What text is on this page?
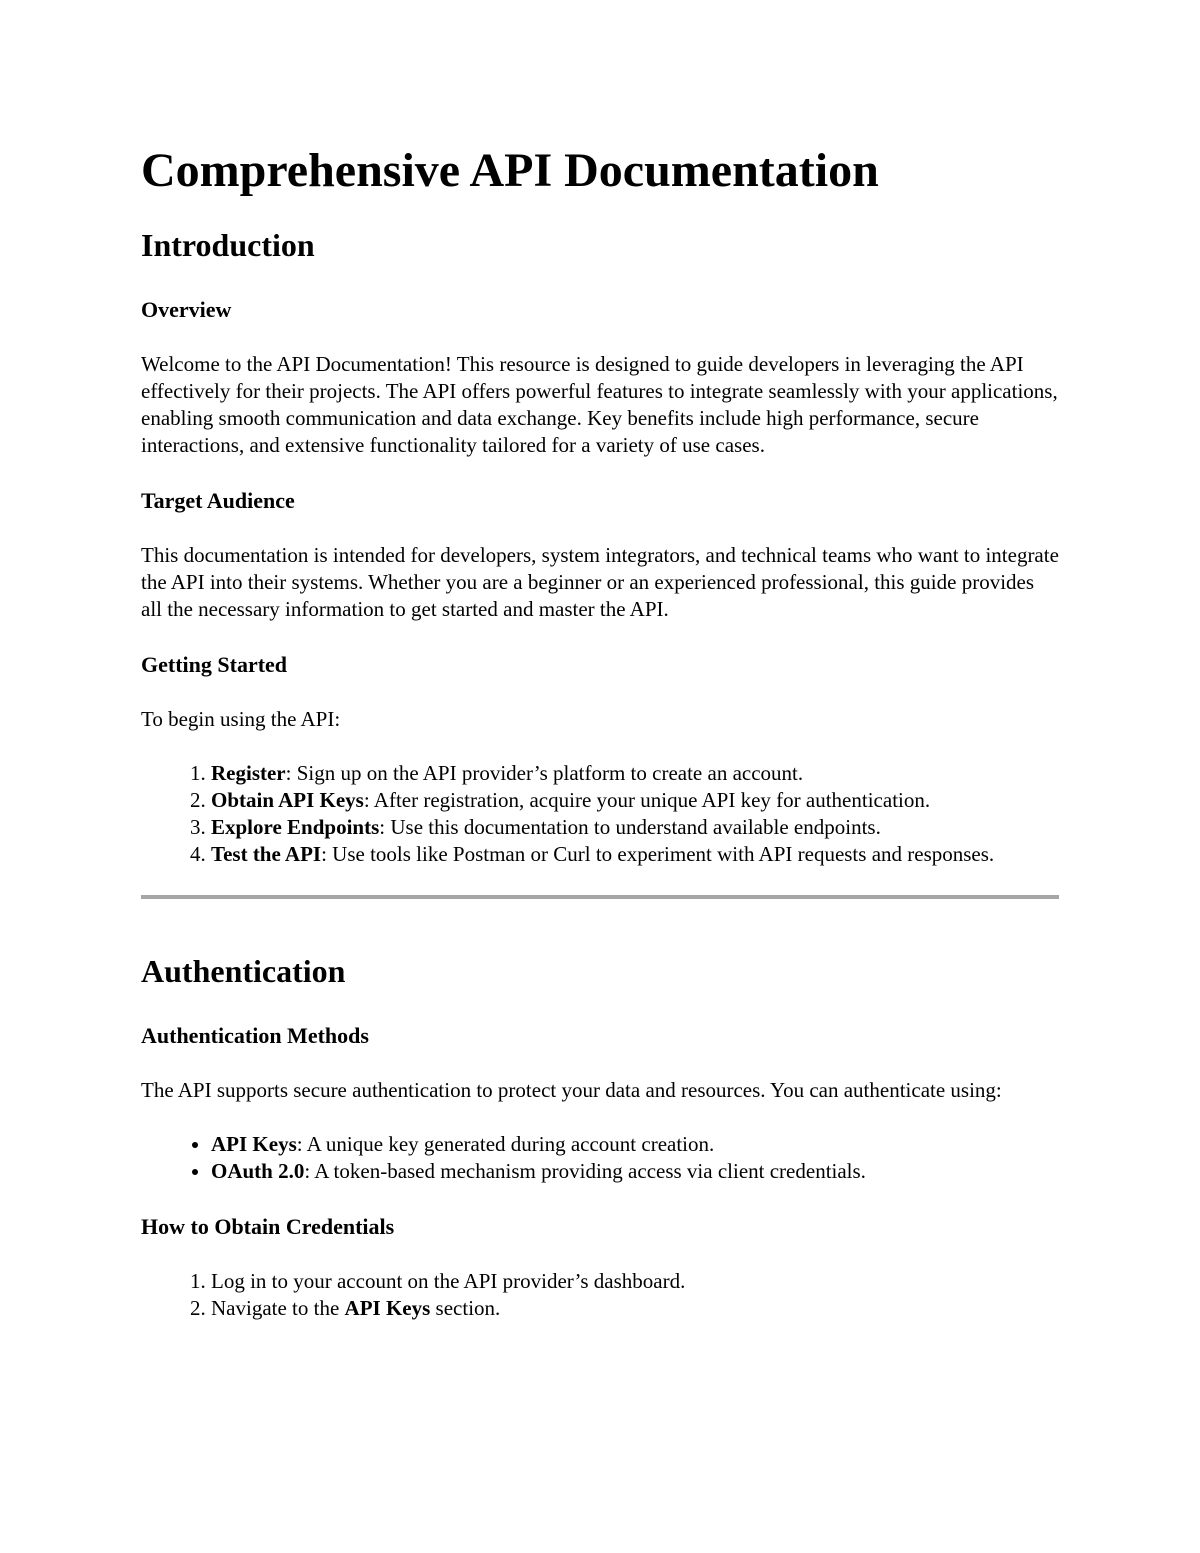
Comprehensive API Documentation
Introduction
Overview

Welcome to the API Documentation! This resource is designed to guide developers in leveraging the API effectively for their projects. The API offers powerful features to integrate seamlessly with your applications, enabling smooth communication and data exchange. Key benefits include high performance, secure interactions, and extensive functionality tailored for a variety of use cases.

Target Audience

This documentation is intended for developers, system integrators, and technical teams who want to integrate the API into their systems. Whether you are a beginner or an experienced professional, this guide provides all the necessary information to get started and master the API.

Getting Started

To begin using the API:

1. Register: Sign up on the API provider’s platform to create an account.
2. Obtain API Keys: After registration, acquire your unique API key for authentication.
3. Explore Endpoints: Use this documentation to understand available endpoints.
4. Test the API: Use tools like Postman or Curl to experiment with API requests and responses.
Authentication
Authentication Methods

The API supports secure authentication to protect your data and resources. You can authenticate using:

• API Keys: A unique key generated during account creation.
• OAuth 2.0: A token-based mechanism providing access via client credentials.
How to Obtain Credentials
1. Log in to your account on the API provider’s dashboard.
2. Navigate to the API Keys section.
